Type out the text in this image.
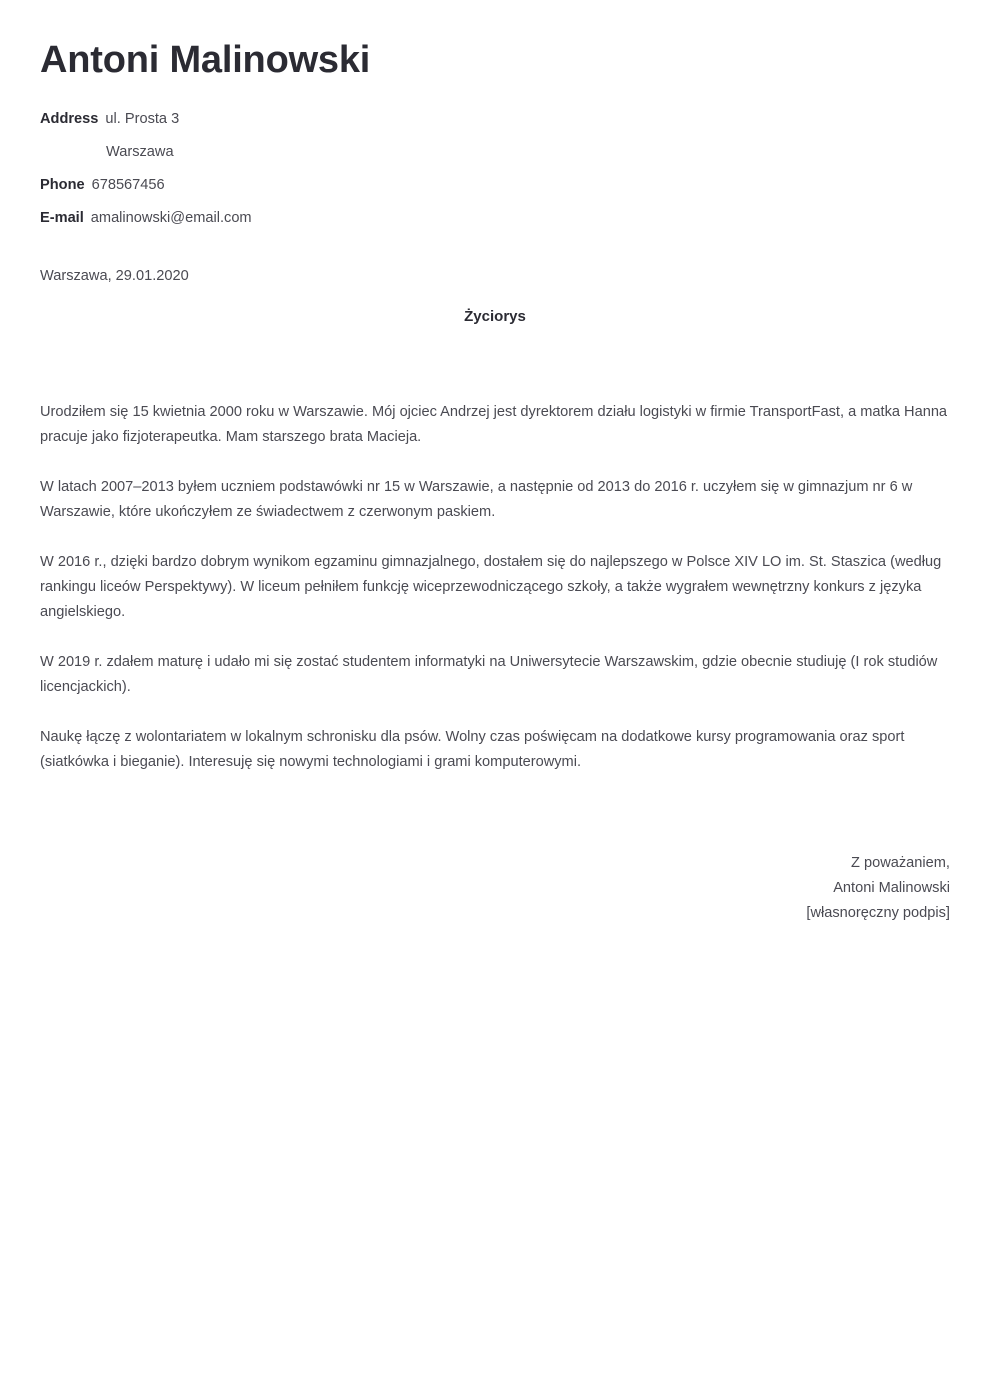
Antoni Malinowski
Address ul. Prosta 3
Warszawa
Phone 678567456
E-mail amalinowski@email.com
Warszawa, 29.01.2020
Życiorys

Urodziłem się 15 kwietnia 2000 roku w Warszawie. Mój ojciec Andrzej jest dyrektorem działu logistyki w firmie TransportFast, a matka Hanna pracuje jako fizjoterapeutka. Mam starszego brata Macieja.

W latach 2007–2013 byłem uczniem podstawówki nr 15 w Warszawie, a następnie od 2013 do 2016 r. uczyłem się w gimnazjum nr 6 w Warszawie, które ukończyłem ze świadectwem z czerwonym paskiem.

W 2016 r., dzięki bardzo dobrym wynikom egzaminu gimnazjalnego, dostałem się do najlepszego w Polsce XIV LO im. St. Staszica (według rankingu liceów Perspektywy). W liceum pełniłem funkcję wiceprzewodniczącego szkoły, a także wygrałem wewnętrzny konkurs z języka angielskiego.

W 2019 r. zdałem maturę i udało mi się zostać studentem informatyki na Uniwersytecie Warszawskim, gdzie obecnie studiuję (I rok studiów licencjackich).

Naukę łączę z wolontariatem w lokalnym schronisku dla psów. Wolny czas poświęcam na dodatkowe kursy programowania oraz sport (siatkówka i bieganie). Interesuję się nowymi technologiami i grami komputerowymi.

Z poważaniem,
Antoni Malinowski
[własnoręczny podpis]
